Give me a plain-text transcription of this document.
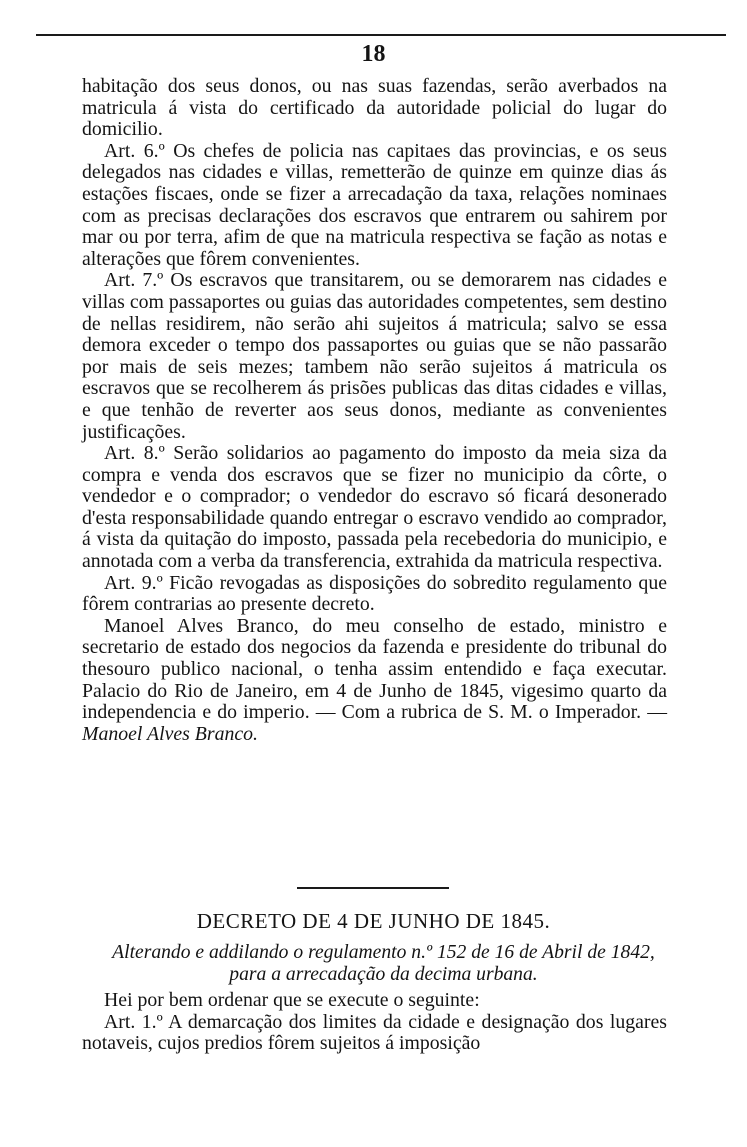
18

habitação dos seus donos, ou nas suas fazendas, serão averbados na matricula á vista do certificado da autoridade policial do lugar do domicilio.

Art. 6.º Os chefes de policia nas capitaes das provincias, e os seus delegados nas cidades e villas, remetterão de quinze em quinze dias ás estações fiscaes, onde se fizer a arrecadação da taxa, relações nominaes com as precisas declarações dos escravos que entrarem ou sahirem por mar ou por terra, afim de que na matricula respectiva se fação as notas e alterações que fôrem convenientes.

Art. 7.º Os escravos que transitarem, ou se demorarem nas cidades e villas com passaportes ou guias das autoridades competentes, sem destino de nellas residirem, não serão ahi sujeitos á matricula; salvo se essa demora exceder o tempo dos passaportes ou guias que se não passarão por mais de seis mezes; tambem não serão sujeitos á matricula os escravos que se recolherem ás prisões publicas das ditas cidades e villas, e que tenhão de reverter aos seus donos, mediante as convenientes justificações.

Art. 8.º Serão solidarios ao pagamento do imposto da meia siza da compra e venda dos escravos que se fizer no municipio da côrte, o vendedor e o comprador; o vendedor do escravo só ficará desonerado d'esta responsabilidade quando entregar o escravo vendido ao comprador, á vista da quitação do imposto, passada pela recebedoria do municipio, e annotada com a verba da transferencia, extrahida da matricula respectiva.

Art. 9.º Ficão revogadas as disposições do sobredito regulamento que fôrem contrarias ao presente decreto.

Manoel Alves Branco, do meu conselho de estado, ministro e secretario de estado dos negocios da fazenda e presidente do tribunal do thesouro publico nacional, o tenha assim entendido e faça executar. Palacio do Rio de Janeiro, em 4 de Junho de 1845, vigesimo quarto da independencia e do imperio. — Com a rubrica de S. M. o Imperador. — Manoel Alves Branco.

DECRETO DE 4 DE JUNHO DE 1845.
Alterando e addilando o regulamento n.º 152 de 16 de Abril de 1842, para a arrecadação da decima urbana.

Hei por bem ordenar que se execute o seguinte:

Art. 1.º A demarcação dos limites da cidade e designação dos lugares notaveis, cujos predios fôrem sujeitos á imposição
